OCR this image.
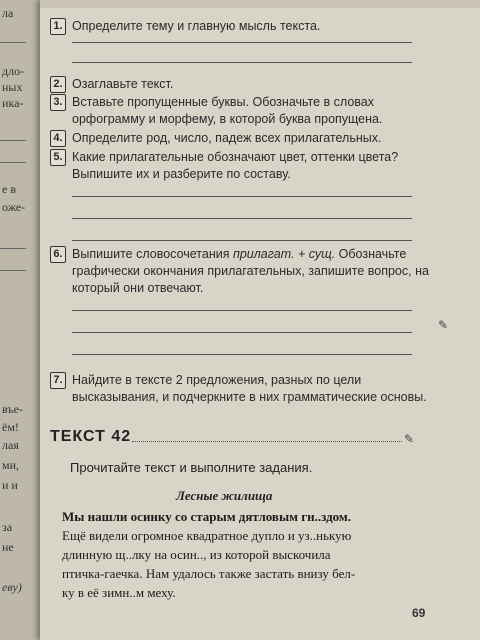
ла
дло-
ных
ика-
е в
оже-
въе-
ём!
лая
ми,
и и
за
не
еву)
1. Определите тему и главную мысль текста.
2. Озаглавьте текст.
3. Вставьте пропущенные буквы. Обозначьте в словах орфограмму и морфему, в которой буква пропущена.
4. Определите род, число, падеж всех прилагательных.
5. Какие прилагательные обозначают цвет, оттенки цвета? Выпишите их и разберите по составу.
6. Выпишите словосочетания прилагат. + сущ. Обозначьте графически окончания прилагательных, запишите вопрос, на который они отвечают.
✎
7. Найдите в тексте 2 предложения, разных по цели высказывания, и подчеркните в них грамматические основы.
ТЕКСТ 42	✎
Прочитайте текст и выполните задания.
Лесные жилища
Мы нашли осинку со старым дятловым гн..здом.
Ещё видели огромное квадратное дупло и уз..нькую
длинную щ..лку на осин.., из которой выскочила
птичка-гаечка. Нам удалось также застать внизу бел-
ку в её зимн..м меху.
69
